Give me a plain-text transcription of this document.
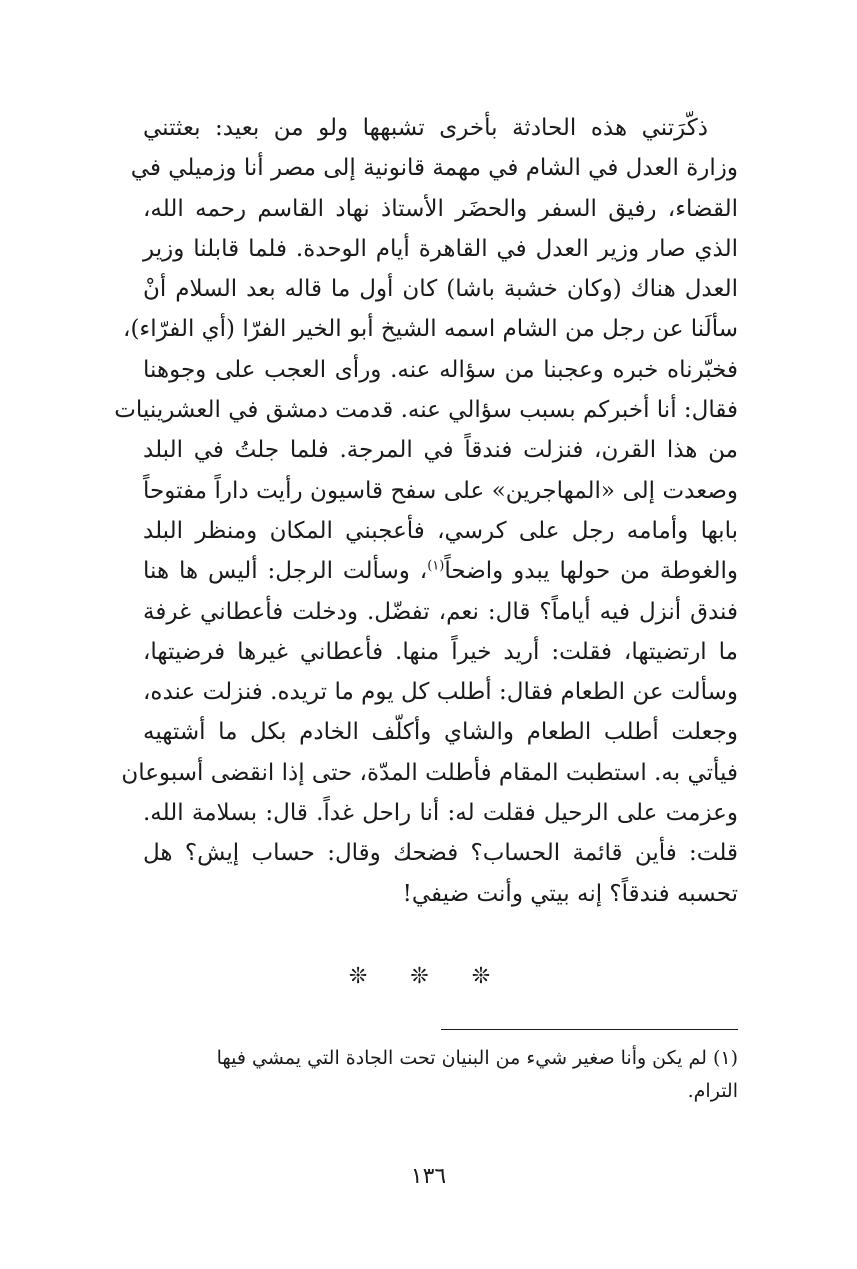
ذكّرَتني هذه الحادثة بأخرى تشبهها ولو من بعيد: بعثتني
وزارة العدل في الشام في مهمة قانونية إلى مصر أنا وزميلي في
القضاء، رفيق السفر والحضَر الأستاذ نهاد القاسم رحمه الله،
الذي صار وزير العدل في القاهرة أيام الوحدة. فلما قابلنا وزير
العدل هناك (وكان خشبة باشا) كان أول ما قاله بعد السلام أنْ
سألَنا عن رجل من الشام اسمه الشيخ أبو الخير الفرّا (أي الفرّاء)،
فخبّرناه خبره وعجبنا من سؤاله عنه. ورأى العجب على وجوهنا
فقال: أنا أخبركم بسبب سؤالي عنه. قدمت دمشق في العشرينيات
من هذا القرن، فنزلت فندقاً في المرجة. فلما جلتُ في البلد
وصعدت إلى «المهاجرين» على سفح قاسيون رأيت داراً مفتوحاً
بابها وأمامه رجل على كرسي، فأعجبني المكان ومنظر البلد
والغوطة من حولها يبدو واضحاً$^{(١)}$، وسألت الرجل: أليس ها هنا
فندق أنزل فيه أياماً؟ قال: نعم، تفضّل. ودخلت فأعطاني غرفة
ما ارتضيتها، فقلت: أريد خيراً منها. فأعطاني غيرها فرضيتها،
وسألت عن الطعام فقال: أطلب كل يوم ما تريده. فنزلت عنده،
وجعلت أطلب الطعام والشاي وأكلّف الخادم بكل ما أشتهيه
فيأتي به. استطبت المقام فأطلت المدّة، حتى إذا انقضى أسبوعان
وعزمت على الرحيل فقلت له: أنا راحل غداً. قال: بسلامة الله.
قلت: فأين قائمة الحساب؟ فضحك وقال: حساب إيش؟ هل
تحسبه فندقاً؟ إنه بيتي وأنت ضيفي!
❊ ❊ ❊
(١) لم يكن وأنا صغير شيء من البنيان تحت الجادة التي يمشي فيها
الترام.
١٣٦
